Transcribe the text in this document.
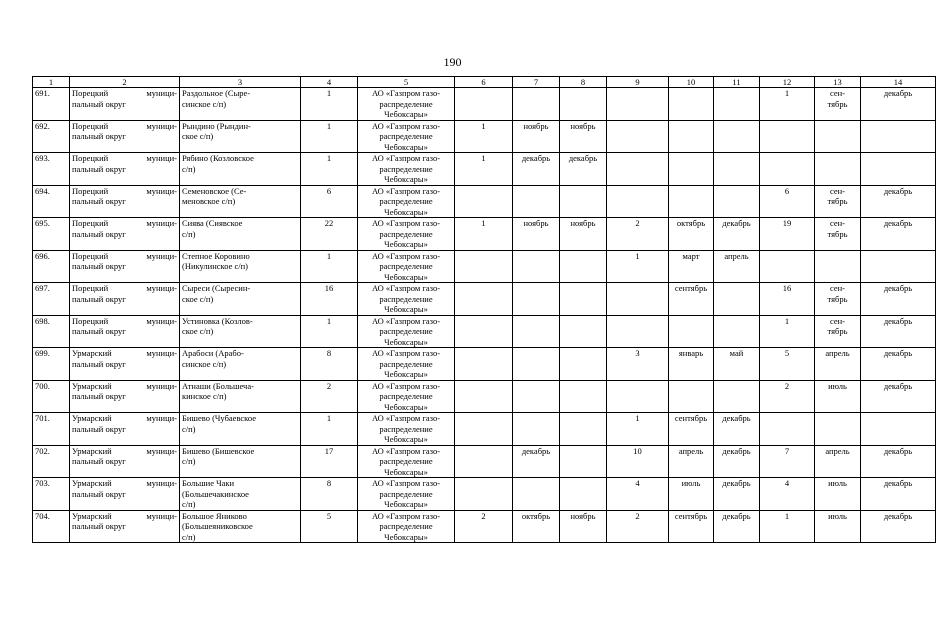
190
1	2	3	4	5	6	7	8	9	10	11	12	13	14
691.	Порецкий муници-
пальный округ	Раздольное (Сыре-
синское с/п)	1	АО «Газпром газо-
распределение
Чебоксары»							1	сен-
тябрь	декабрь
692.	Порецкий муници-
пальный округ	Рындино (Рындин-
ское с/п)	1	АО «Газпром газо-
распределение
Чебоксары»	1	ноябрь	ноябрь						
693.	Порецкий муници-
пальный округ	Рябино (Козловское
с/п)	1	АО «Газпром газо-
распределение
Чебоксары»	1	декабрь	декабрь						
694.	Порецкий муници-
пальный округ	Семеновское (Се-
меновское с/п)	6	АО «Газпром газо-
распределение
Чебоксары»							6	сен-
тябрь	декабрь
695.	Порецкий муници-
пальный округ	Сиява (Сиявское
с/п)	22	АО «Газпром газо-
распределение
Чебоксары»	1	ноябрь	ноябрь	2	октябрь	декабрь	19	сен-
тябрь	декабрь
696.	Порецкий муници-
пальный округ	Степное Коровино
(Никулинское с/п)	1	АО «Газпром газо-
распределение
Чебоксары»				1	март	апрель			
697.	Порецкий муници-
пальный округ	Сыреси (Сыресин-
ское с/п)	16	АО «Газпром газо-
распределение
Чебоксары»					сентябрь		16	сен-
тябрь	декабрь
698.	Порецкий муници-
пальный округ	Устиновка (Козлов-
ское с/п)	1	АО «Газпром газо-
распределение
Чебоксары»							1	сен-
тябрь	декабрь
699.	Урмарский муници-
пальный округ	Арабоси (Арабо-
синское с/п)	8	АО «Газпром газо-
распределение
Чебоксары»				3	январь	май	5	апрель	декабрь
700.	Урмарский муници-
пальный округ	Атнаши (Большеча-
кинское с/п)	2	АО «Газпром газо-
распределение
Чебоксары»							2	июль	декабрь
701.	Урмарский муници-
пальный округ	Бишево (Чубаевское
с/п)	1	АО «Газпром газо-
распределение
Чебоксары»				1	сентябрь	декабрь			
702.	Урмарский муници-
пальный округ	Бишево (Бишевское
с/п)	17	АО «Газпром газо-
распределение
Чебоксары»		декабрь		10	апрель	декабрь	7	апрель	декабрь
703.	Урмарский муници-
пальный округ	Большие Чаки
(Большечакинское
с/п)	8	АО «Газпром газо-
распределение
Чебоксары»				4	июль	декабрь	4	июль	декабрь
704.	Урмарский муници-
пальный округ	Большое Яниково
(Большеяниковское
с/п)	5	АО «Газпром газо-
распределение
Чебоксары»	2	октябрь	ноябрь	2	сентябрь	декабрь	1	июль	декабрь
